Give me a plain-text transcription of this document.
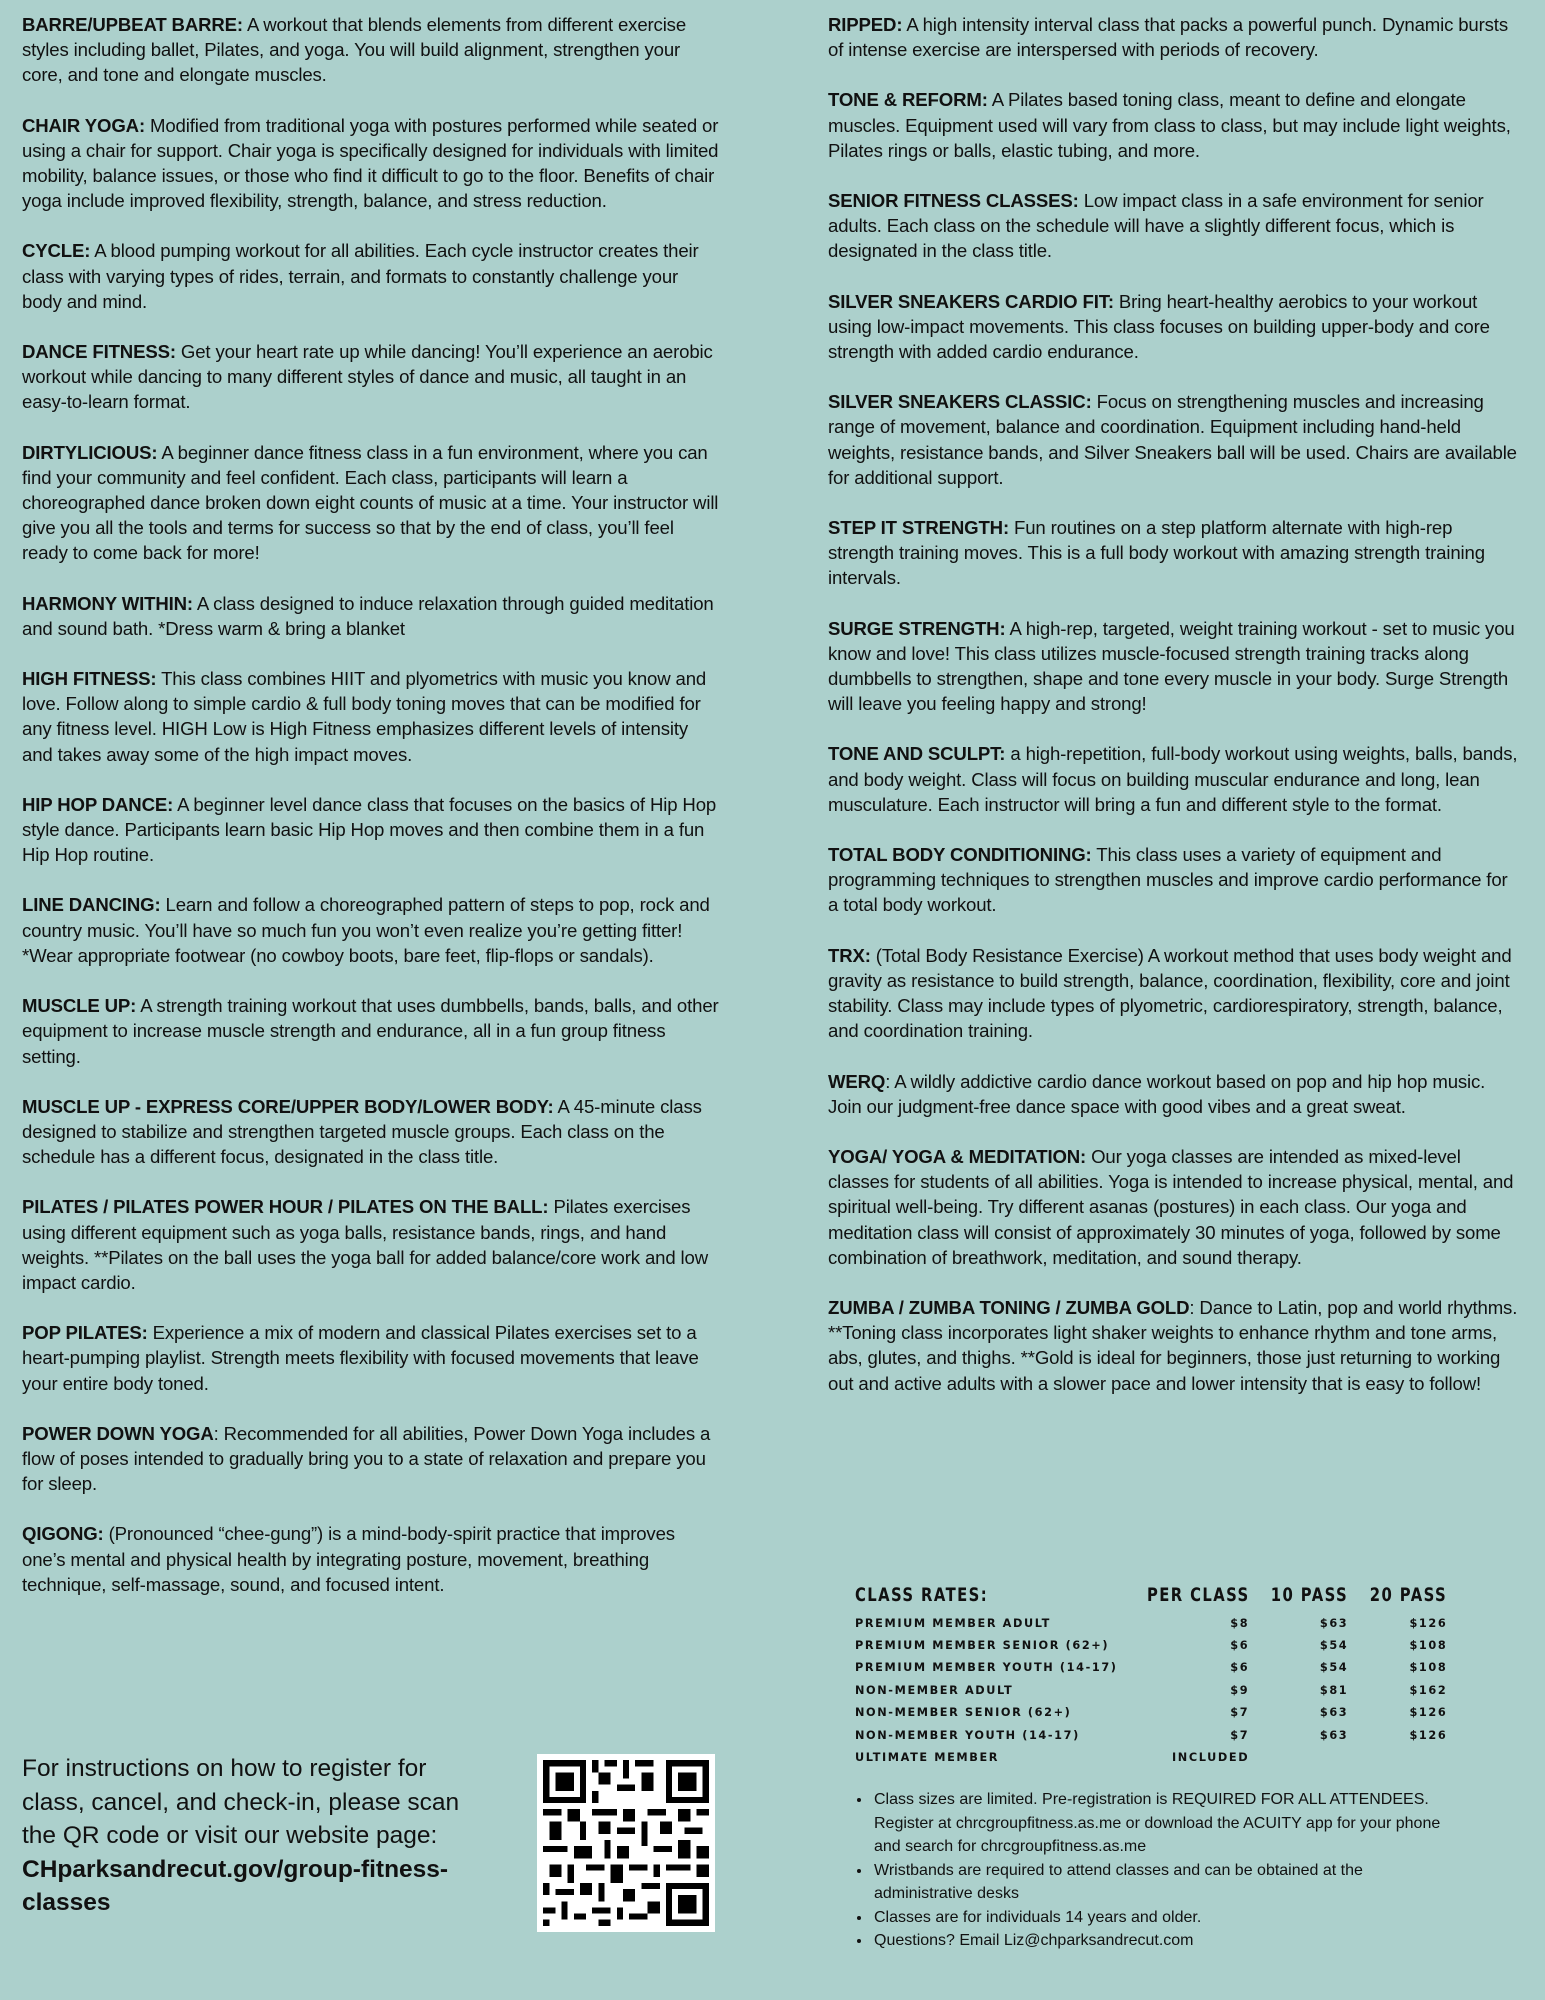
BARRE/UPBEAT BARRE: A workout that blends elements from different exercise styles including ballet, Pilates, and yoga. You will build alignment, strengthen your core, and tone and elongate muscles.

CHAIR YOGA: Modified from traditional yoga with postures performed while seated or using a chair for support. Chair yoga is specifically designed for individuals with limited mobility, balance issues, or those who find it difficult to go to the floor. Benefits of chair yoga include improved flexibility, strength, balance, and stress reduction.

CYCLE: A blood pumping workout for all abilities. Each cycle instructor creates their class with varying types of rides, terrain, and formats to constantly challenge your body and mind.

DANCE FITNESS: Get your heart rate up while dancing! You’ll experience an aerobic workout while dancing to many different styles of dance and music, all taught in an easy-to-learn format.

DIRTYLICIOUS: A beginner dance fitness class in a fun environment, where you can find your community and feel confident. Each class, participants will learn a choreographed dance broken down eight counts of music at a time. Your instructor will give you all the tools and terms for success so that by the end of class, you’ll feel ready to come back for more!

HARMONY WITHIN: A class designed to induce relaxation through guided meditation and sound bath. *Dress warm & bring a blanket

HIGH FITNESS: This class combines HIIT and plyometrics with music you know and love. Follow along to simple cardio & full body toning moves that can be modified for any fitness level. HIGH Low is High Fitness emphasizes different levels of intensity and takes away some of the high impact moves.

HIP HOP DANCE: A beginner level dance class that focuses on the basics of Hip Hop style dance. Participants learn basic Hip Hop moves and then combine them in a fun Hip Hop routine.

LINE DANCING: Learn and follow a choreographed pattern of steps to pop, rock and country music. You’ll have so much fun you won’t even realize you’re getting fitter! *Wear appropriate footwear (no cowboy boots, bare feet, flip-flops or sandals).

MUSCLE UP: A strength training workout that uses dumbbells, bands, balls, and other equipment to increase muscle strength and endurance, all in a fun group fitness setting.

MUSCLE UP - EXPRESS CORE/UPPER BODY/LOWER BODY: A 45-minute class designed to stabilize and strengthen targeted muscle groups. Each class on the schedule has a different focus, designated in the class title.

PILATES / PILATES POWER HOUR / PILATES ON THE BALL: Pilates exercises using different equipment such as yoga balls, resistance bands, rings, and hand weights. **Pilates on the ball uses the yoga ball for added balance/core work and low impact cardio.

POP PILATES: Experience a mix of modern and classical Pilates exercises set to a heart-pumping playlist. Strength meets flexibility with focused movements that leave your entire body toned.

POWER DOWN YOGA: Recommended for all abilities, Power Down Yoga includes a flow of poses intended to gradually bring you to a state of relaxation and prepare you for sleep.

QIGONG: (Pronounced “chee-gung”) is a mind-body-spirit practice that improves one’s mental and physical health by integrating posture, movement, breathing technique, self-massage, sound, and focused intent.

RIPPED: A high intensity interval class that packs a powerful punch. Dynamic bursts of intense exercise are interspersed with periods of recovery.

TONE & REFORM: A Pilates based toning class, meant to define and elongate muscles. Equipment used will vary from class to class, but may include light weights, Pilates rings or balls, elastic tubing, and more.

SENIOR FITNESS CLASSES: Low impact class in a safe environment for senior adults. Each class on the schedule will have a slightly different focus, which is designated in the class title.

SILVER SNEAKERS CARDIO FIT: Bring heart-healthy aerobics to your workout using low-impact movements. This class focuses on building upper-body and core strength with added cardio endurance.

SILVER SNEAKERS CLASSIC: Focus on strengthening muscles and increasing range of movement, balance and coordination. Equipment including hand-held weights, resistance bands, and Silver Sneakers ball will be used. Chairs are available for additional support.

STEP IT STRENGTH: Fun routines on a step platform alternate with high-rep strength training moves. This is a full body workout with amazing strength training intervals.

SURGE STRENGTH: A high-rep, targeted, weight training workout - set to music you know and love! This class utilizes muscle-focused strength training tracks along dumbbells to strengthen, shape and tone every muscle in your body. Surge Strength will leave you feeling happy and strong!

TONE AND SCULPT: a high-repetition, full-body workout using weights, balls, bands, and body weight. Class will focus on building muscular endurance and long, lean musculature. Each instructor will bring a fun and different style to the format.

TOTAL BODY CONDITIONING: This class uses a variety of equipment and programming techniques to strengthen muscles and improve cardio performance for a total body workout.

TRX: (Total Body Resistance Exercise) A workout method that uses body weight and gravity as resistance to build strength, balance, coordination, flexibility, core and joint stability. Class may include types of plyometric, cardiorespiratory, strength, balance, and coordination training.

WERQ: A wildly addictive cardio dance workout based on pop and hip hop music. Join our judgment-free dance space with good vibes and a great sweat.

YOGA/ YOGA & MEDITATION: Our yoga classes are intended as mixed-level classes for students of all abilities. Yoga is intended to increase physical, mental, and spiritual well-being. Try different asanas (postures) in each class. Our yoga and meditation class will consist of approximately 30 minutes of yoga, followed by some combination of breathwork, meditation, and sound therapy.

ZUMBA / ZUMBA TONING / ZUMBA GOLD: Dance to Latin, pop and world rhythms. **Toning class incorporates light shaker weights to enhance rhythm and tone arms, abs, glutes, and thighs. **Gold is ideal for beginners, those just returning to working out and active adults with a slower pace and lower intensity that is easy to follow!

For instructions on how to register for class, cancel, and check-in, please scan the QR code or visit our website page:
CHparksandrecut.gov/group-fitness-classes
CLASS RATES:	PER CLASS	10 PASS	20 PASS
PREMIUM MEMBER ADULT	$8	$63	$126
PREMIUM MEMBER SENIOR (62+)	$6	$54	$108
PREMIUM MEMBER YOUTH (14-17)	$6	$54	$108
NON-MEMBER ADULT	$9	$81	$162
NON-MEMBER SENIOR (62+)	$7	$63	$126
NON-MEMBER YOUTH (14-17)	$7	$63	$126
ULTIMATE MEMBER	INCLUDED		
• Class sizes are limited. Pre-registration is REQUIRED FOR ALL ATTENDEES. Register at chrcgroupfitness.as.me or download the ACUITY app for your phone and search for chrcgroupfitness.as.me
• Wristbands are required to attend classes and can be obtained at the administrative desks
• Classes are for individuals 14 years and older.
• Questions? Email Liz@chparksandrecut.com
